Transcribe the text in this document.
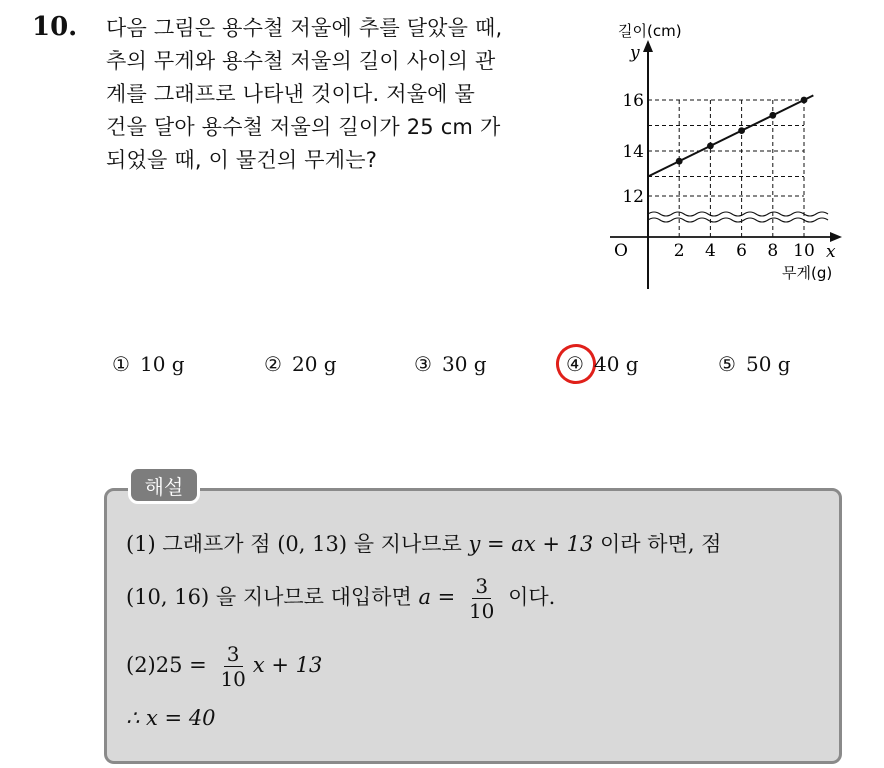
10. 다음 그림은 용수철 저울에 추를 달았을 때,
추의 무게와 용수철 저울의 길이 사이의 관
계를 그래프로 나타낸 것이다. 저울에 물
건을 달아 용수철 저울의 길이가 25 cm 가
되었을 때, 이 물건의 무게는?
2 4 6 8 10
12
14
16
길이(cm)
y
O	x
무게(g)
① 10 g	② 20 g	③ 30 g	④ 40 g	⑤ 50 g
해설
(1) 그래프가 점 (0, 13) 을 지나므로 y = ax + 13 이라 하면, 점
(10, 16) 을 지나므로 대입하면 $a = \frac{3}{10}$ 이다.
$(2)25 = \frac{3}{10}$ x + 13
∴ x = 40
